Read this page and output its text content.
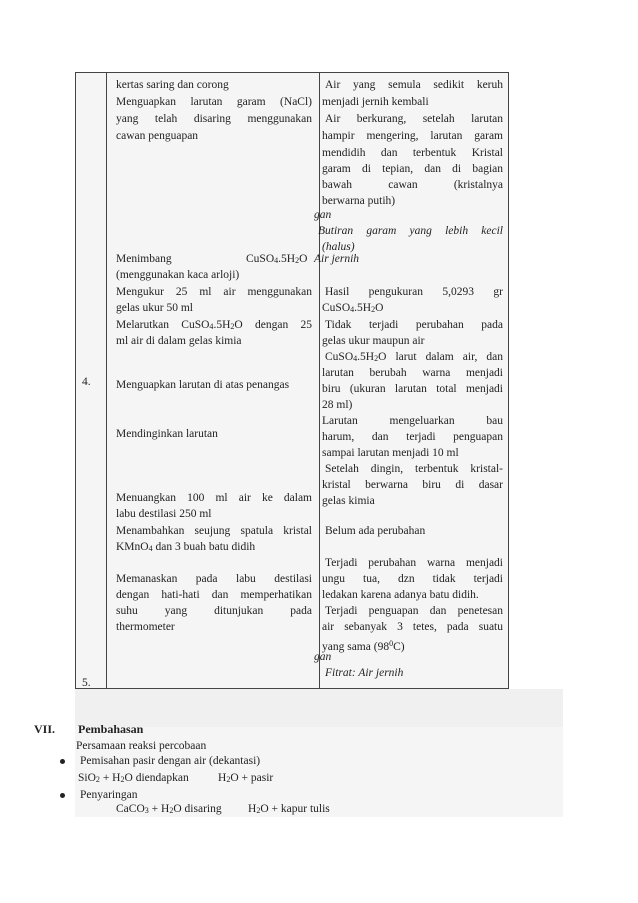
4.
5.
kertas saring dan corong
Menguapkan larutan garam (NaCl)
yang telah disaring menggunakan
cawan penguapan
Menimbang	$CuSO_4.5H_2O$
(menggunakan kaca arloji)
Mengukur 25 ml air menggunakan
gelas ukur 50 ml
Melarutkan $CuSO_4.5H_2O$ dengan 25
ml air di dalam gelas kimia
Menguapkan larutan di atas penangas
Mendinginkan larutan
Menuangkan 100 ml air ke dalam
labu destilasi 250 ml
Menambahkan seujung spatula kristal
KMnO$_4$ dan 3 buah batu didih
Memanaskan pada labu destilasi
dengan hati-hati dan memperhatikan
suhu yang ditunjukan pada
thermometer
Air yang semula sedikit keruh
menjadi jernih kembali
Air berkurang, setelah larutan
hampir mengering, larutan garam
mendidih dan terbentuk Kristal
garam di tepian, dan di bagian
bawah cawan (kristalnya
berwarna putih)
gan
Butiran garam yang lebih kecil
(halus)
Air jernih
Hasil pengukuran 5,0293 gr
$CuSO_4.5H_2O$
Tidak terjadi perubahan pada
gelas ukur maupun air
$CuSO_4.5H_2O$ larut dalam air, dan
larutan berubah warna menjadi
biru (ukuran larutan total menjadi
28 ml)
Larutan mengeluarkan bau
harum, dan terjadi penguapan
sampai larutan menjadi 10 ml
Setelah dingin, terbentuk kristal-
kristal berwarna biru di dasar
gelas kimia
Belum ada perubahan
Terjadi perubahan warna menjadi
ungu tua, dzn tidak terjadi
ledakan karena adanya batu didih.
Terjadi penguapan dan penetesan
air sebanyak 3 tetes, pada suatu
yang sama $(98^0C)$
gan
Fitrat: Air jernih
VII. Pembahasan
Persamaan reaksi percobaan
Pemisahan pasir dengan air (dekantasi)
$SiO_2 + H_2O$ diendapkan	$H_2O$ + pasir
Penyaringan
CaCO$_3$ + $H_2O$ disaring $H_2O$ + kapur tulis
